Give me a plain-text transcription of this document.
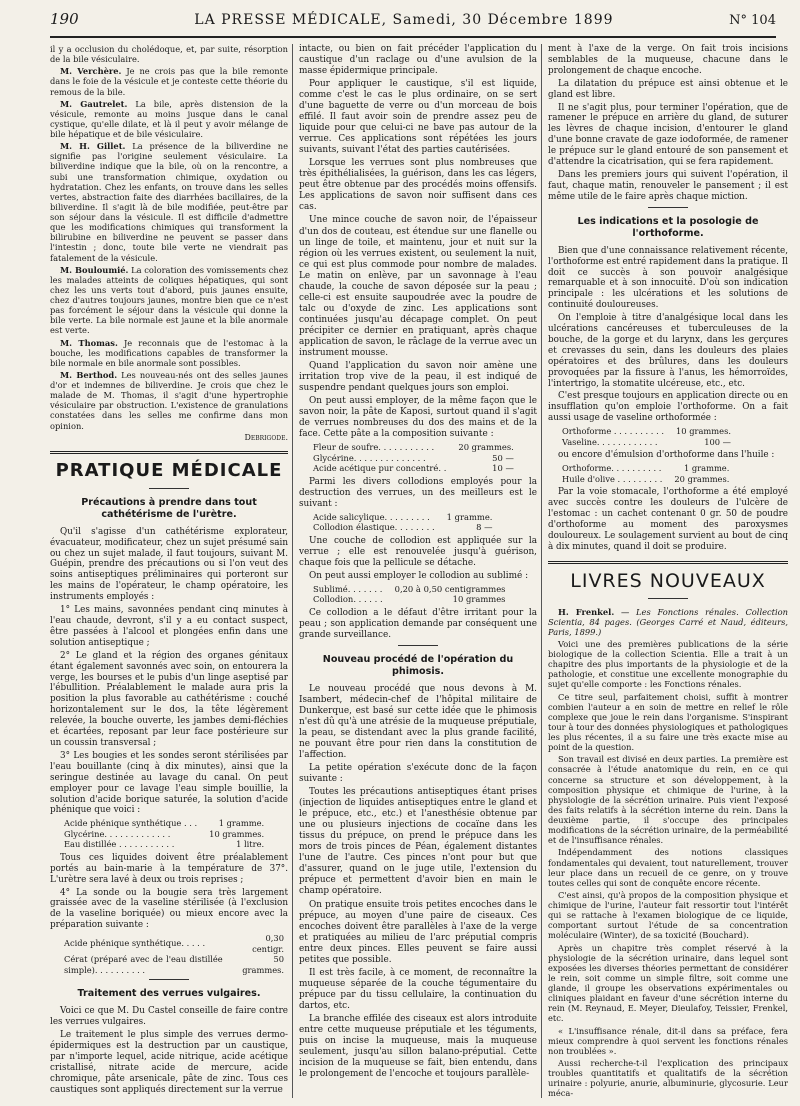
190	LA PRESSE MÉDICALE, Samedi, 30 Décembre 1899	N° 104

il y a occlusion du cholédoque, et, par suite, résorption de la bile vésiculaire.

M. Verchère. Je ne crois pas que la bile remonte dans le foie de la vésicule et je conteste cette théorie du remous de la bile.

M. Gautrelet. La bile, après distension de la vésicule, remonte au moins jusque dans le canal cystique, qu'elle dilate, et là il peut y avoir mélange de bile hépatique et de bile vésiculaire.

M. H. Gillet. La présence de la biliverdine ne signifie pas l'origine seulement vésiculaire. La biliverdine indique que la bile, où on la rencontre, a subi une transformation chimique, oxydation ou hydratation. Chez les enfants, on trouve dans les selles vertes, abstraction faite des diarrhées bacillaires, de la biliverdine. Il s'agit là de bile modifiée, peut-être par son séjour dans la vésicule. Il est difficile d'admettre que les modifications chimiques qui transforment la bilirubine en biliverdine ne peuvent se passer dans l'intestin ; donc, toute bile verte ne viendrait pas fatalement de la vésicule.

M. Bouloumié. La coloration des vomissements chez les malades atteints de coliques hépatiques, qui sont chez les uns verts tout d'abord, puis jaunes ensuite, chez d'autres toujours jaunes, montre bien que ce n'est pas forcément le séjour dans la vésicule qui donne la bile verte. La bile normale est jaune et la bile anormale est verte.

M. Thomas. Je reconnais que de l'estomac à la bouche, les modifications capables de transformer la bile normale en bile anormale sont possibles.

M. Berthod. Les nouveau-nés ont des selles jaunes d'or et indemnes de biliverdine. Je crois que chez le malade de M. Thomas, il s'agit d'une hypertrophie vésiculaire par obstruction. L'existence de granulations constatées dans les selles me confirme dans mon opinion.

Debrigode.
PRATIQUE MÉDICALE
Précautions à prendre dans tout cathétérisme de l'urètre.

Qu'il s'agisse d'un cathétérisme explorateur, évacuateur, modificateur, chez un sujet présumé sain ou chez un sujet malade, il faut toujours, suivant M. Guépin, prendre des précautions ou si l'on veut des soins antiseptiques préliminaires qui porteront sur les mains de l'opérateur, le champ opératoire, les instruments employés :

1° Les mains, savonnées pendant cinq minutes à l'eau chaude, devront, s'il y a eu contact suspect, être passées à l'alcool et plongées enfin dans une solution antiseptique ;

2° Le gland et la région des organes génitaux étant également savonnés avec soin, on entourera la verge, les bourses et le pubis d'un linge aseptisé par l'ébullition. Préalablement le malade aura pris la position la plus favorable au cathétérisme : couché horizontalement sur le dos, la tête légèrement relevée, la bouche ouverte, les jambes demi-fléchies et écartées, reposant par leur face postérieure sur un coussin transversal ;

3° Les bougies et les sondes seront stérilisées par l'eau bouillante (cinq à dix minutes), ainsi que la seringue destinée au lavage du canal. On peut employer pour ce lavage l'eau simple bouillie, la solution d'acide borique saturée, la solution d'acide phénique que voici :

Acide phénique synthétique . . .	1 gramme.
Glycérine. . . . . . . . . . . . .	10 grammes.
Eau distillée . . . . . . . . . . .	1 litre.

Tous ces liquides doivent être préalablement portés au bain-marie à la température de 37°. L'urètre sera lavé à deux ou trois reprises ;

4° La sonde ou la bougie sera très largement graissée avec de la vaseline stérilisée (à l'exclusion de la vaseline boriquée) ou mieux encore avec la préparation suivante :

Acide phénique synthétique. . . . .	0,30 centigr.
Cérat (préparé avec de l'eau distillée simple). . . . . . . . . .	50 grammes.
Traitement des verrues vulgaires.

Voici ce que M. Du Castel conseille de faire contre les verrues vulgaires.

Le traitement le plus simple des verrues dermo-épidermiques est la destruction par un caustique, par n'importe lequel, acide nitrique, acide acétique cristallisé, nitrate acide de mercure, acide chromique, pâte arsenicale, pâte de zinc. Tous ces caustiques sont appliqués directement sur la verrue

intacte, ou bien on fait précéder l'application du caustique d'un raclage ou d'une avulsion de la masse épidermique principale.

Pour appliquer le caustique, s'il est liquide, comme c'est le cas le plus ordinaire, on se sert d'une baguette de verre ou d'un morceau de bois effilé. Il faut avoir soin de prendre assez peu de liquide pour que celui-ci ne bave pas autour de la verrue. Ces applications sont répétées les jours suivants, suivant l'état des parties cautérisées.

Lorsque les verrues sont plus nombreuses que très épithélialisées, la guérison, dans les cas légers, peut être obtenue par des procédés moins offensifs. Les applications de savon noir suffisent dans ces cas.

Une mince couche de savon noir, de l'épaisseur d'un dos de couteau, est étendue sur une flanelle ou un linge de toile, et maintenu, jour et nuit sur la région où les verrues existent, ou seulement la nuit, ce qui est plus commode pour nombre de malades. Le matin on enlève, par un savonnage à l'eau chaude, la couche de savon déposée sur la peau ; celle-ci est ensuite saupoudrée avec la poudre de talc ou d'oxyde de zinc. Les applications sont continuées jusqu'au décapage complet. On peut précipiter ce dernier en pratiquant, après chaque application de savon, le râclage de la verrue avec un instrument mousse.

Quand l'application du savon noir amène une irritation trop vive de la peau, il est indiqué de suspendre pendant quelques jours son emploi.

On peut aussi employer, de la même façon que le savon noir, la pâte de Kaposi, surtout quand il s'agit de verrues nombreuses du dos des mains et de la face. Cette pâte a la composition suivante :

Fleur de soufre. . . . . . . . . . .	20 grammes.
Glycérine. . . . . . . . . . . . . .	50 —
Acide acétique pur concentré. .	10 —

Parmi les divers collodions employés pour la destruction des verrues, un des meilleurs est le suivant :

Acide salicylique. . . . . . . . .	1 gramme.
Collodion élastique. . . . . . . .	8 —

Une couche de collodion est appliquée sur la verrue ; elle est renouvelée jusqu'à guérison, chaque fois que la pellicule se détache.

On peut aussi employer le collodion au sublimé :

Sublimé. . . . . . .	0,20 à 0,50 centigrammes
Collodion. . . . . .	10 grammes

Ce collodion a le défaut d'être irritant pour la peau ; son application demande par conséquent une grande surveillance.

Nouveau procédé de l'opération du phimosis.

Le nouveau procédé que nous devons à M. Isambert, médecin-chef de l'hôpital militaire de Dunkerque, est basé sur cette idée que le phimosis n'est dû qu'à une atrésie de la muqueuse préputiale, la peau, se distendant avec la plus grande facilité, ne pouvant être pour rien dans la constitution de l'affection.

La petite opération s'exécute donc de la façon suivante :

Toutes les précautions antiseptiques étant prises (injection de liquides antiseptiques entre le gland et le prépuce, etc., etc.) et l'anesthésie obtenue par une ou plusieurs injections de cocaïne dans les tissus du prépuce, on prend le prépuce dans les mors de trois pinces de Péan, également distantes l'une de l'autre. Ces pinces n'ont pour but que d'assurer, quand on le juge utile, l'extension du prépuce et permettent d'avoir bien en main le champ opératoire.

On pratique ensuite trois petites encoches dans le prépuce, au moyen d'une paire de ciseaux. Ces encoches doivent être parallèles à l'axe de la verge et pratiquées au milieu de l'arc préputial compris entre deux pinces. Elles peuvent se faire aussi petites que possible.

Il est très facile, à ce moment, de reconnaître la muqueuse séparée de la couche tégumentaire du prépuce par du tissu cellulaire, la continuation du dartos, etc.

La branche effilée des ciseaux est alors introduite entre cette muqueuse préputiale et les téguments, puis on incise la muqueuse, mais la muqueuse seulement, jusqu'au sillon balano-préputial. Cette incision de la muqueuse se fait, bien entendu, dans le prolongement de l'encoche et toujours parallèle-

ment à l'axe de la verge. On fait trois incisions semblables de la muqueuse, chacune dans le prolongement de chaque encoche.

La dilatation du prépuce est ainsi obtenue et le gland est libre.

Il ne s'agit plus, pour terminer l'opération, que de ramener le prépuce en arrière du gland, de suturer les lèvres de chaque incision, d'entourer le gland d'une bonne cravate de gaze iodoformée, de ramener le prépuce sur le gland entouré de son pansement et d'attendre la cicatrisation, qui se fera rapidement.

Dans les premiers jours qui suivent l'opération, il faut, chaque matin, renouveler le pansement ; il est même utile de le faire après chaque miction.

Les indications et la posologie de l'orthoforme.

Bien que d'une connaissance relativement récente, l'orthoforme est entré rapidement dans la pratique. Il doit ce succès à son pouvoir analgésique remarquable et à son innocuité. D'où son indication principale : les ulcérations et les solutions de continuité douloureuses.

On l'emploie à titre d'analgésique local dans les ulcérations cancéreuses et tuberculeuses de la bouche, de la gorge et du larynx, dans les gerçures et crevasses du sein, dans les douleurs des plaies opératoires et des brûlures, dans les douleurs provoquées par la fissure à l'anus, les hémorroïdes, l'intertrigo, la stomatite ulcéreuse, etc., etc.

C'est presque toujours en application directe ou en insufflation qu'on emploie l'orthoforme. On a fait aussi usage de vaseline orthoformée :

Orthoforme . . . . . . . . . .	10 grammes.
Vaseline. . . . . . . . . . . .	100 —

ou encore d'émulsion d'orthoforme dans l'huile :

Orthoforme. . . . . . . . . .	1 gramme.
Huile d'olive . . . . . . . . .	20 grammes.

Par la voie stomacale, l'orthoforme a été employé avec succès contre les douleurs de l'ulcère de l'estomac : un cachet contenant 0 gr. 50 de poudre d'orthoforme au moment des paroxysmes douloureux. Le soulagement survient au bout de cinq à dix minutes, quand il doit se produire.

LIVRES NOUVEAUX

H. Frenkel. — Les Fonctions rénales. Collection Scientia, 84 pages. (Georges Carré et Naud, éditeurs, Paris, 1899.)

Voici une des premières publications de la série biologique de la collection Scientia. Elle a trait à un chapitre des plus importants de la physiologie et de la pathologie, et constitue une excellente monographie du sujet qu'elle comporte : les Fonctions rénales.

Ce titre seul, parfaitement choisi, suffit à montrer combien l'auteur a en soin de mettre en relief le rôle complexe que joue le rein dans l'organisme. S'inspirant tour à tour des données physiologiques et pathologiques les plus récentes, il a su faire une très exacte mise au point de la question.

Son travail est divisé en deux parties. La première est consacrée à l'étude anatomique du rein, en ce qui concerne sa structure et son développement, à la composition physique et chimique de l'urine, à la physiologie de la sécrétion urinaire. Puis vient l'exposé des faits relatifs à la sécrétion interne du rein. Dans la deuxième partie, il s'occupe des principales modifications de la sécrétion urinaire, de la perméabilité et de l'insuffisance rénales.

Indépendamment des notions classiques fondamentales qui devaient, tout naturellement, trouver leur place dans un recueil de ce genre, on y trouve toutes celles qui sont de conquête encore récente.

C'est ainsi, qu'à propos de la composition physique et chimique de l'urine, l'auteur fait ressortir tout l'intérêt qui se rattache à l'examen biologique de ce liquide, comportant surtout l'étude de sa concentration moléculaire (Winter), de sa toxicité (Bouchard).

Après un chapitre très complet réservé à la physiologie de la sécrétion urinaire, dans lequel sont exposées les diverses théories permettant de considérer le rein, soit comme un simple filtre, soit comme une glande, il groupe les observations expérimentales ou cliniques plaidant en faveur d'une sécrétion interne du rein (M. Reynaud, E. Meyer, Dieulafoy, Teissier, Frenkel, etc.

« L'insuffisance rénale, dit-il dans sa préface, fera mieux comprendre à quoi servent les fonctions rénales non troublées ».

Aussi recherche-t-il l'explication des principaux troubles quantitatifs et qualitatifs de la sécrétion urinaire : polyurie, anurie, albuminurie, glycosurie. Leur méca-
